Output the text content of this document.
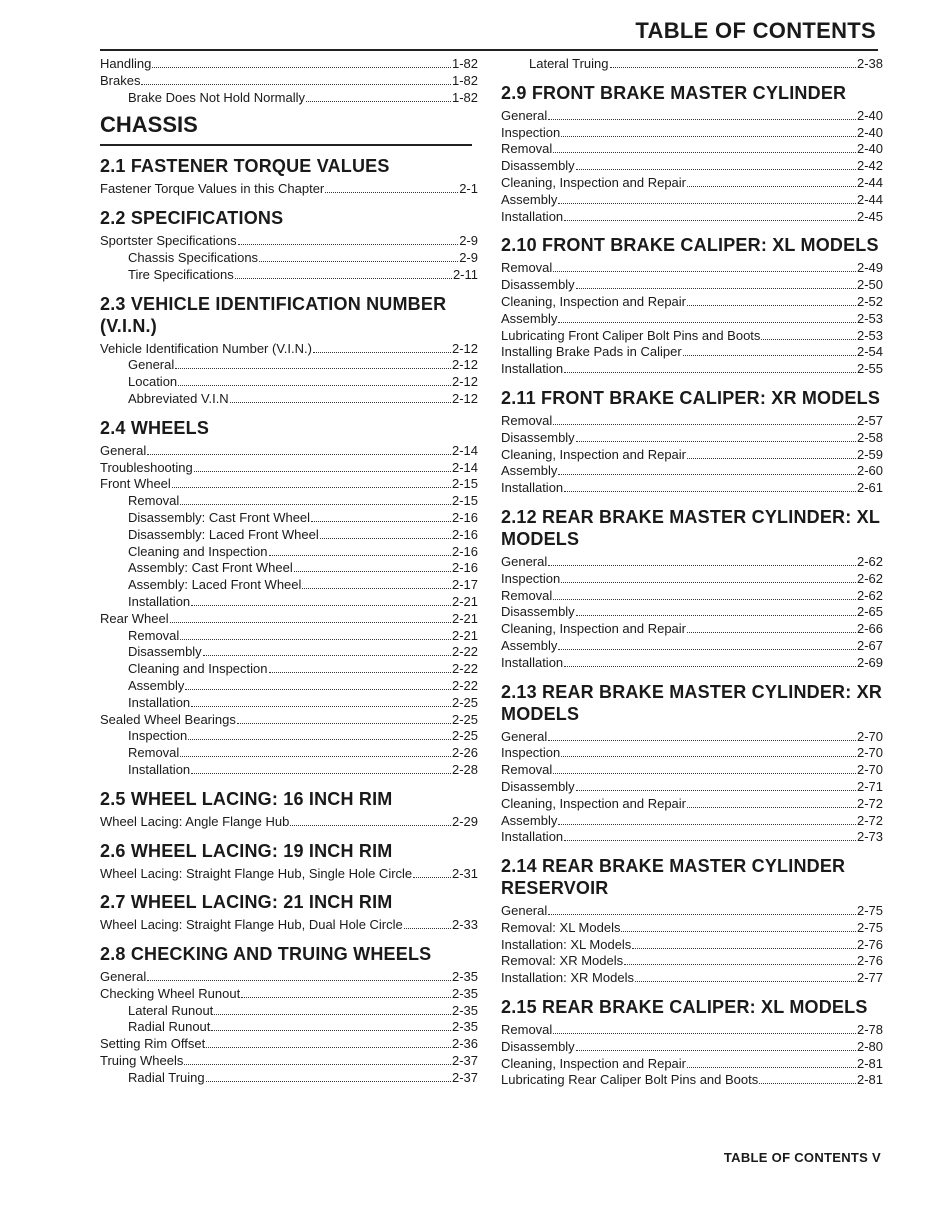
TABLE OF CONTENTS
Handling	1-82
Brakes	1-82
Brake Does Not Hold Normally	1-82
CHASSIS
2.1 FASTENER TORQUE VALUES
Fastener Torque Values in this Chapter	2-1
2.2 SPECIFICATIONS
Sportster Specifications	2-9
Chassis Specifications	2-9
Tire Specifications	2-11
2.3 VEHICLE IDENTIFICATION NUMBER (V.I.N.)
Vehicle Identification Number (V.I.N.)	2-12
General	2-12
Location	2-12
Abbreviated V.I.N	2-12
2.4 WHEELS
General	2-14
Troubleshooting	2-14
Front Wheel	2-15
Removal	2-15
Disassembly: Cast Front Wheel	2-16
Disassembly: Laced Front Wheel	2-16
Cleaning and Inspection	2-16
Assembly: Cast Front Wheel	2-16
Assembly: Laced Front Wheel	2-17
Installation	2-21
Rear Wheel	2-21
Removal	2-21
Disassembly	2-22
Cleaning and Inspection	2-22
Assembly	2-22
Installation	2-25
Sealed Wheel Bearings	2-25
Inspection	2-25
Removal	2-26
Installation	2-28
2.5 WHEEL LACING: 16 INCH RIM
Wheel Lacing: Angle Flange Hub	2-29
2.6 WHEEL LACING: 19 INCH RIM
Wheel Lacing: Straight Flange Hub, Single Hole Circle	2-31
2.7 WHEEL LACING: 21 INCH RIM
Wheel Lacing: Straight Flange Hub, Dual Hole Circle	2-33
2.8 CHECKING AND TRUING WHEELS
General	2-35
Checking Wheel Runout	2-35
Lateral Runout	2-35
Radial Runout	2-35
Setting Rim Offset	2-36
Truing Wheels	2-37
Radial Truing	2-37
Lateral Truing	2-38
2.9 FRONT BRAKE MASTER CYLINDER
General	2-40
Inspection	2-40
Removal	2-40
Disassembly	2-42
Cleaning, Inspection and Repair	2-44
Assembly	2-44
Installation	2-45
2.10 FRONT BRAKE CALIPER: XL MODELS
Removal	2-49
Disassembly	2-50
Cleaning, Inspection and Repair	2-52
Assembly	2-53
Lubricating Front Caliper Bolt Pins and Boots	2-53
Installing Brake Pads in Caliper	2-54
Installation	2-55
2.11 FRONT BRAKE CALIPER: XR MODELS
Removal	2-57
Disassembly	2-58
Cleaning, Inspection and Repair	2-59
Assembly	2-60
Installation	2-61
2.12 REAR BRAKE MASTER CYLINDER: XL MODELS
General	2-62
Inspection	2-62
Removal	2-62
Disassembly	2-65
Cleaning, Inspection and Repair	2-66
Assembly	2-67
Installation	2-69
2.13 REAR BRAKE MASTER CYLINDER: XR MODELS
General	2-70
Inspection	2-70
Removal	2-70
Disassembly	2-71
Cleaning, Inspection and Repair	2-72
Assembly	2-72
Installation	2-73
2.14 REAR BRAKE MASTER CYLINDER RESERVOIR
General	2-75
Removal: XL Models	2-75
Installation: XL Models	2-76
Removal: XR Models	2-76
Installation: XR Models	2-77
2.15 REAR BRAKE CALIPER: XL MODELS
Removal	2-78
Disassembly	2-80
Cleaning, Inspection and Repair	2-81
Lubricating Rear Caliper Bolt Pins and Boots	2-81
TABLE OF CONTENTS V
